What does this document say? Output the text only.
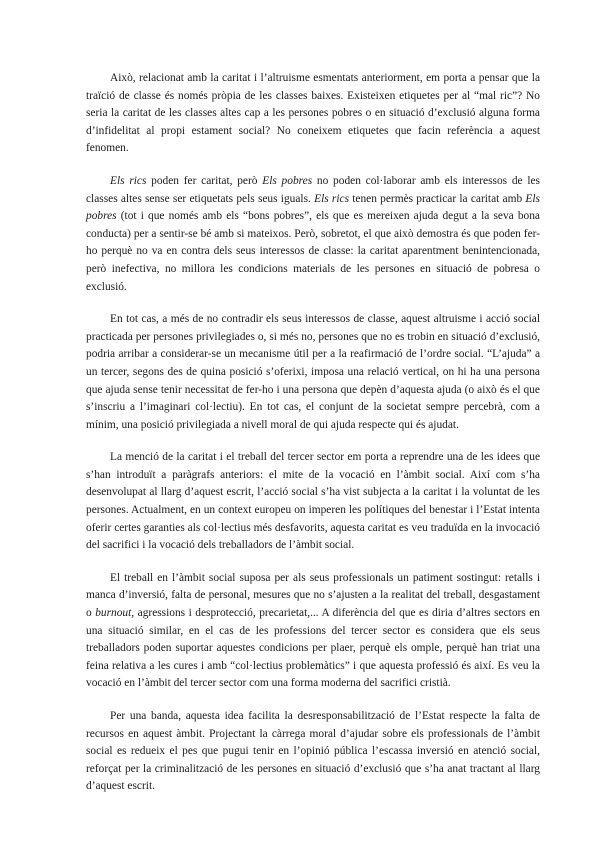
Això, relacionat amb la caritat i l’altruisme esmentats anteriorment, em porta a pensar que la traïció de classe és només pròpia de les classes baixes. Existeixen etiquetes per al “mal ric”? No seria la caritat de les classes altes cap a les persones pobres o en situació d’exclusió alguna forma d’infidelitat al propi estament social? No coneixem etiquetes que facin referència a aquest fenomen.

Els rics poden fer caritat, però Els pobres no poden col·laborar amb els interessos de les classes altes sense ser etiquetats pels seus iguals. Els rics tenen permès practicar la caritat amb Els pobres (tot i que només amb els “bons pobres”, els que es mereixen ajuda degut a la seva bona conducta) per a sentir-se bé amb si mateixos. Però, sobretot, el que això demostra és que poden fer-ho perquè no va en contra dels seus interessos de classe: la caritat aparentment benintencionada, però inefectiva, no millora les condicions materials de les persones en situació de pobresa o exclusió.

En tot cas, a més de no contradir els seus interessos de classe, aquest altruisme i acció social practicada per persones privilegiades o, si més no, persones que no es trobin en situació d’exclusió, podria arribar a considerar-se un mecanisme útil per a la reafirmació de l’ordre social. “L’ajuda” a un tercer, segons des de quina posició s’oferixi, imposa una relació vertical, on hi ha una persona que ajuda sense tenir necessitat de fer-ho i una persona que depèn d’aquesta ajuda (o això és el que s’inscriu a l’imaginari col·lectiu). En tot cas, el conjunt de la societat sempre percebrà, com a mínim, una posició privilegiada a nivell moral de qui ajuda respecte qui és ajudat.

La menció de la caritat i el treball del tercer sector em porta a reprendre una de les idees que s’han introduït a paràgrafs anteriors: el mite de la vocació en l’àmbit social. Així com s’ha desenvolupat al llarg d’aquest escrit, l’acció social s’ha vist subjecta a la caritat i la voluntat de les persones. Actualment, en un context europeu on imperen les polítiques del benestar i l’Estat intenta oferir certes garanties als col·lectius més desfavorits, aquesta caritat es veu traduïda en la invocació del sacrifici i la vocació dels treballadors de l’àmbit social.

El treball en l’àmbit social suposa per als seus professionals un patiment sostingut: retalls i manca d’inversió, falta de personal, mesures que no s’ajusten a la realitat del treball, desgastament o burnout, agressions i desprotecció, precarietat,... A diferència del que es diria d’altres sectors en una situació similar, en el cas de les professions del tercer sector es considera que els seus treballadors poden suportar aquestes condicions per plaer, perquè els omple, perquè han triat una feina relativa a les cures i amb “col·lectius problemàtics” i que aquesta professió és així. Es veu la vocació en l’àmbit del tercer sector com una forma moderna del sacrifici cristià.

Per una banda, aquesta idea facilita la desresponsabilització de l’Estat respecte la falta de recursos en aquest àmbit. Projectant la càrrega moral d’ajudar sobre els professionals de l’àmbit social es redueix el pes que pugui tenir en l’opinió pública l’escassa inversió en atenció social, reforçat per la criminalització de les persones en situació d’exclusió que s’ha anat tractant al llarg d’aquest escrit.
